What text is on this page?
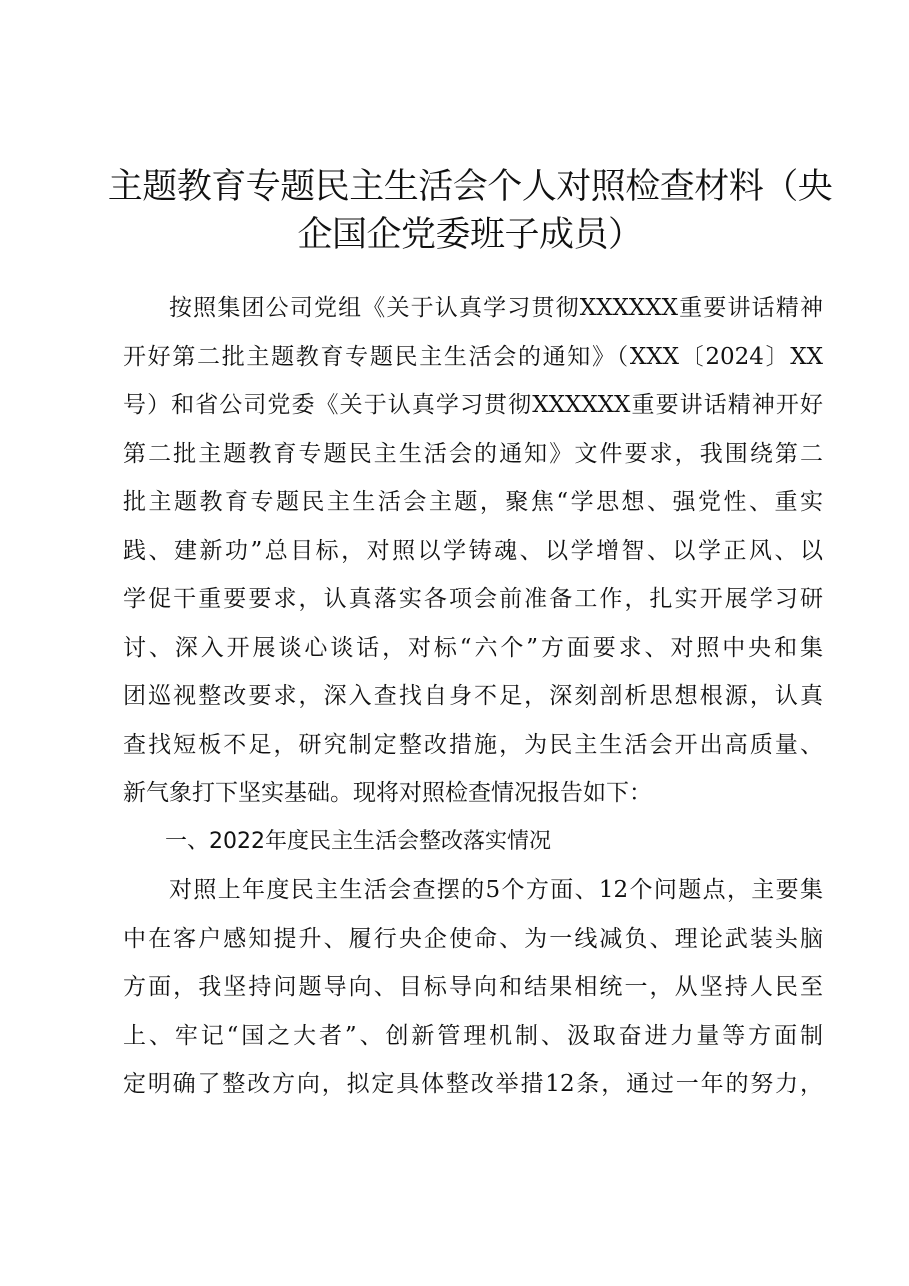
主题教育专题民主生活会个人对照检查材料（央
企国企党委班子成员）
按照集团公司党组《关于认真学习贯彻XXXXXX重要讲话精神
开好第二批主题教育专题民主生活会的通知》（XXX〔2024〕XX
号）和省公司党委《关于认真学习贯彻XXXXXX重要讲话精神开好
第二批主题教育专题民主生活会的通知》文件要求，我围绕第二
批主题教育专题民主生活会主题，聚焦“学思想、强党性、重实
践、建新功”总目标，对照以学铸魂、以学增智、以学正风、以
学促干重要要求，认真落实各项会前准备工作，扎实开展学习研
讨、深入开展谈心谈话，对标“六个”方面要求、对照中央和集
团巡视整改要求，深入查找自身不足，深刻剖析思想根源，认真
查找短板不足，研究制定整改措施，为民主生活会开出高质量、
新气象打下坚实基础。现将对照检查情况报告如下：
一、2022年度民主生活会整改落实情况
对照上年度民主生活会查摆的5个方面、12个问题点，主要集
中在客户感知提升、履行央企使命、为一线减负、理论武装头脑
方面，我坚持问题导向、目标导向和结果相统一，从坚持人民至
上、牢记“国之大者”、创新管理机制、汲取奋进力量等方面制
定明确了整改方向，拟定具体整改举措12条，通过一年的努力，
